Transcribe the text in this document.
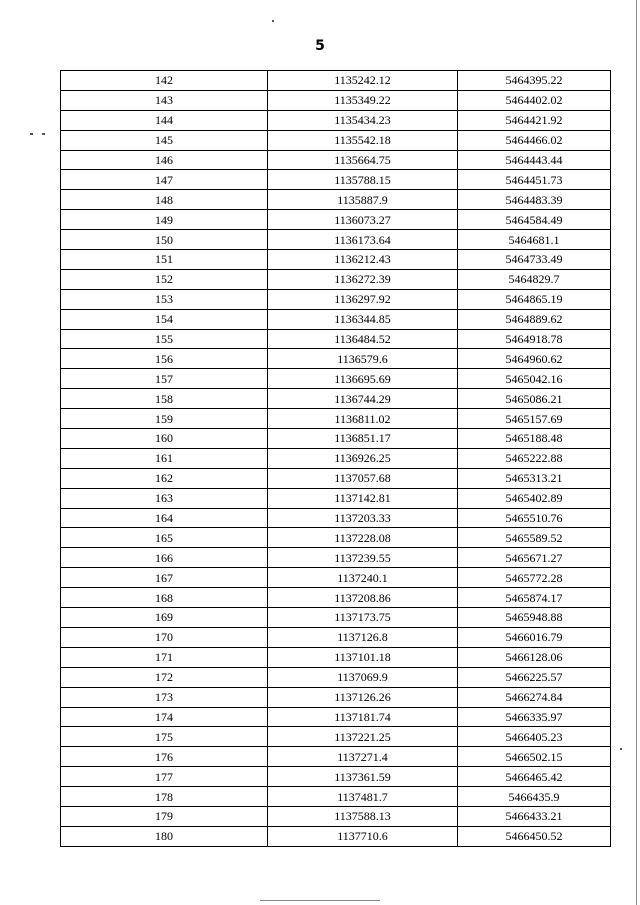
5
142	1135242.12	5464395.22
143	1135349.22	5464402.02
144	1135434.23	5464421.92
145	1135542.18	5464466.02
146	1135664.75	5464443.44
147	1135788.15	5464451.73
148	1135887.9	5464483.39
149	1136073.27	5464584.49
150	1136173.64	5464681.1
151	1136212.43	5464733.49
152	1136272.39	5464829.7
153	1136297.92	5464865.19
154	1136344.85	5464889.62
155	1136484.52	5464918.78
156	1136579.6	5464960.62
157	1136695.69	5465042.16
158	1136744.29	5465086.21
159	1136811.02	5465157.69
160	1136851.17	5465188.48
161	1136926.25	5465222.88
162	1137057.68	5465313.21
163	1137142.81	5465402.89
164	1137203.33	5465510.76
165	1137228.08	5465589.52
166	1137239.55	5465671.27
167	1137240.1	5465772.28
168	1137208.86	5465874.17
169	1137173.75	5465948.88
170	1137126.8	5466016.79
171	1137101.18	5466128.06
172	1137069.9	5466225.57
173	1137126.26	5466274.84
174	1137181.74	5466335.97
175	1137221.25	5466405.23
176	1137271.4	5466502.15
177	1137361.59	5466465.42
178	1137481.7	5466435.9
179	1137588.13	5466433.21
180	1137710.6	5466450.52
